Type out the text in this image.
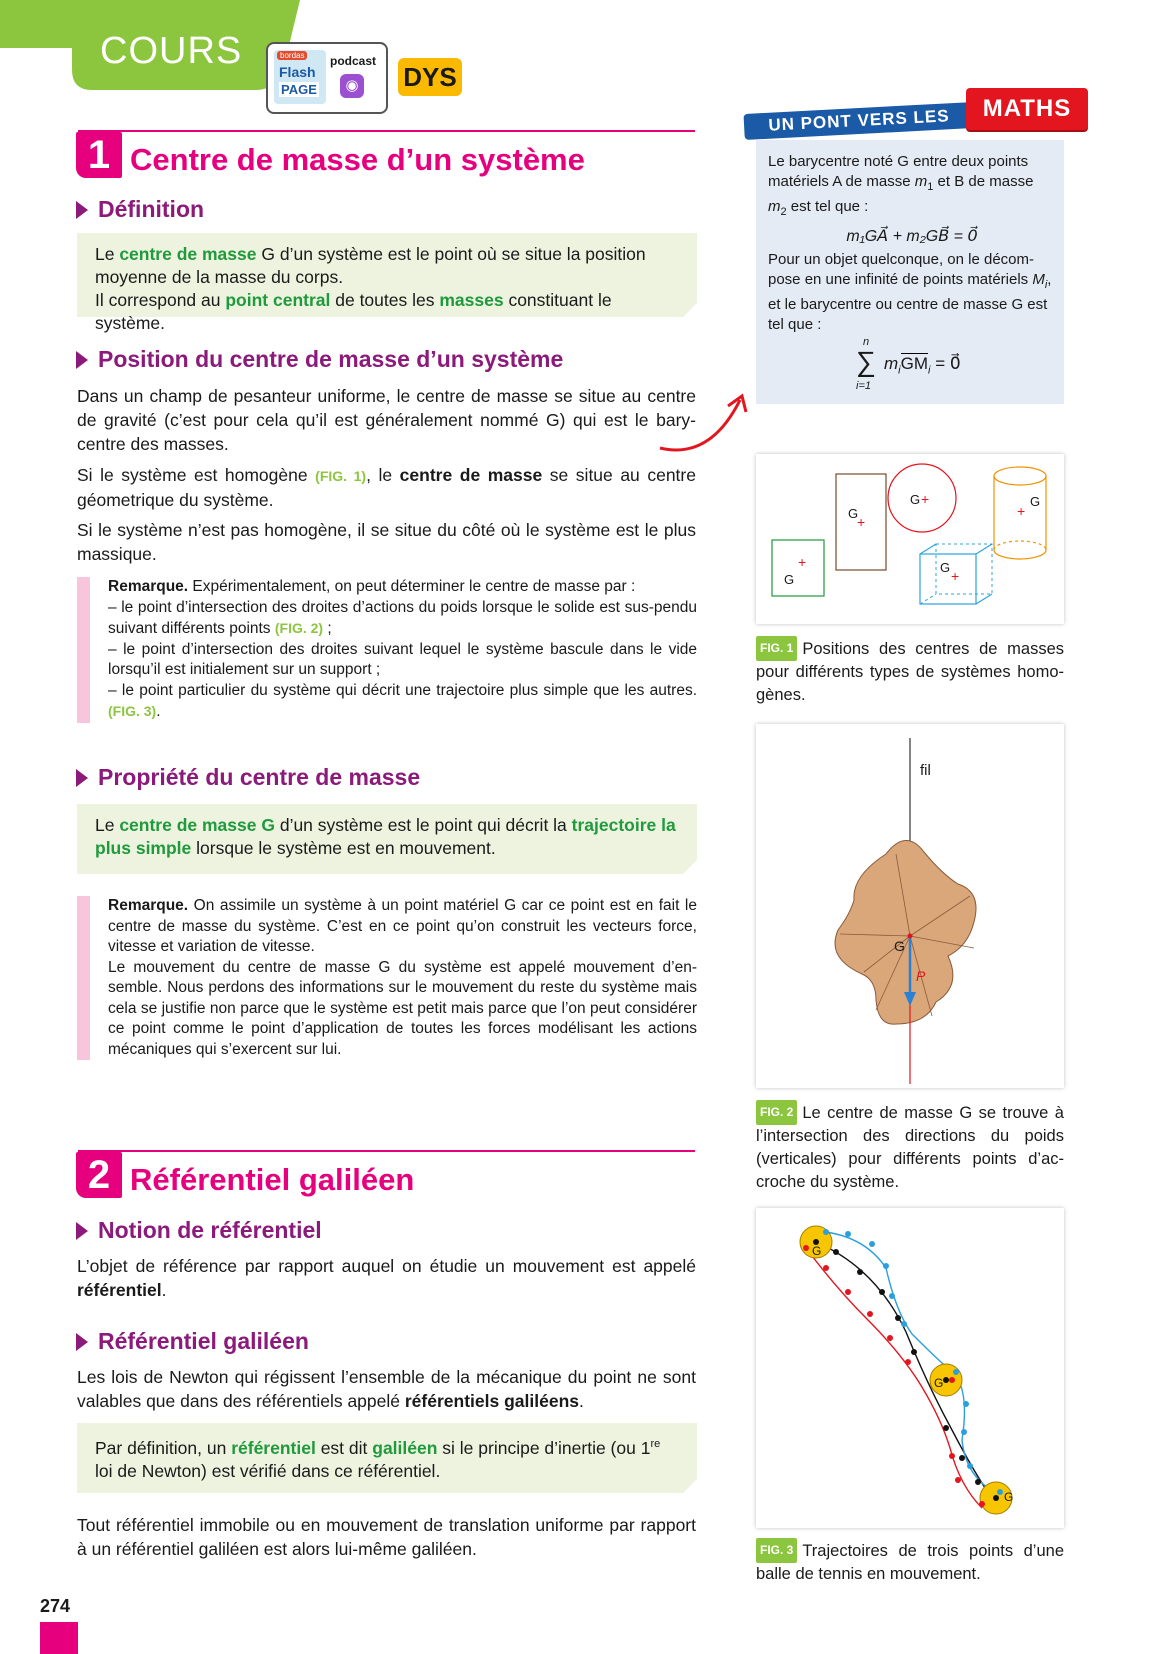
COURS	bordas
Flash
PAGE
podcast
◉ DYS
1 Centre de masse d’un système
Définition
Le centre de masse G d’un système est le point où se situe la position moyenne de la masse du corps.
Il correspond au point central de toutes les masses constituant le système.
Position du centre de masse d’un système
Dans un champ de pesanteur uniforme, le centre de masse se situe au centre de gravité (c’est pour cela qu’il est généralement nommé G) qui est le bary-centre des masses.
Si le système est homogène (FIG. 1), le centre de masse se situe au centre géometrique du système.
Si le système n’est pas homogène, il se situe du côté où le système est le plus massique.
Remarque. Expérimentalement, on peut déterminer le centre de masse par :
– le point d’intersection des droites d’actions du poids lorsque le solide est sus-pendu suivant différents points (FIG. 2) ;
– le point d’intersection des droites suivant lequel le système bascule dans le vide lorsqu’il est initialement sur un support ;
– le point particulier du système qui décrit une trajectoire plus simple que les autres. (FIG. 3).
Propriété du centre de masse
Le centre de masse G d’un système est le point qui décrit la trajectoire la plus simple lorsque le système est en mouvement.
Remarque. On assimile un système à un point matériel G car ce point est en fait le centre de masse du système. C’est en ce point qu’on construit les vecteurs force, vitesse et variation de vitesse.
Le mouvement du centre de masse G du système est appelé mouvement d’en-semble. Nous perdons des informations sur le mouvement du reste du système mais cela se justifie non parce que le système est petit mais parce que l’on peut considérer ce point comme le point d’application de toutes les forces modélisant les actions mécaniques qui s’exercent sur lui.
2 Référentiel galiléen
Notion de référentiel
L’objet de référence par rapport auquel on étudie un mouvement est appelé référentiel.
Référentiel galiléen
Les lois de Newton qui régissent l’ensemble de la mécanique du point ne sont valables que dans des référentiels appelé référentiels galiléens.
Par définition, un référentiel est dit galiléen si le principe d’inertie (ou 1re loi de Newton) est vérifié dans ce référentiel.
Tout référentiel immobile ou en mouvement de translation uniforme par rapport à un référentiel galiléen est alors lui-même galiléen.
Le barycentre noté G entre deux points matériels A de masse $m_1$ et B de masse $m_2$ est tel que :
m₁GA⃗ + m₂GB⃗ = 0⃗
Pour un objet quelconque, on le décom-pose en une infinité de points matériels $M_i$, et le barycentre ou centre de masse G est tel que :
n
∑
i=1
$m_iGM_i$ = 0⃗
UN PONT VERS LES	MATHS
+
+
+
+
+
G
G
G	G
G
FIG. 1 Positions des centres de masses pour différents types de systèmes homo-gènes.
fil
G
P
FIG. 2 Le centre de masse G se trouve à l’intersection des directions du poids (verticales) pour différents points d’ac-croche du système.
G
G
G
FIG. 3 Trajectoires de trois points d’une balle de tennis en mouvement.
274
